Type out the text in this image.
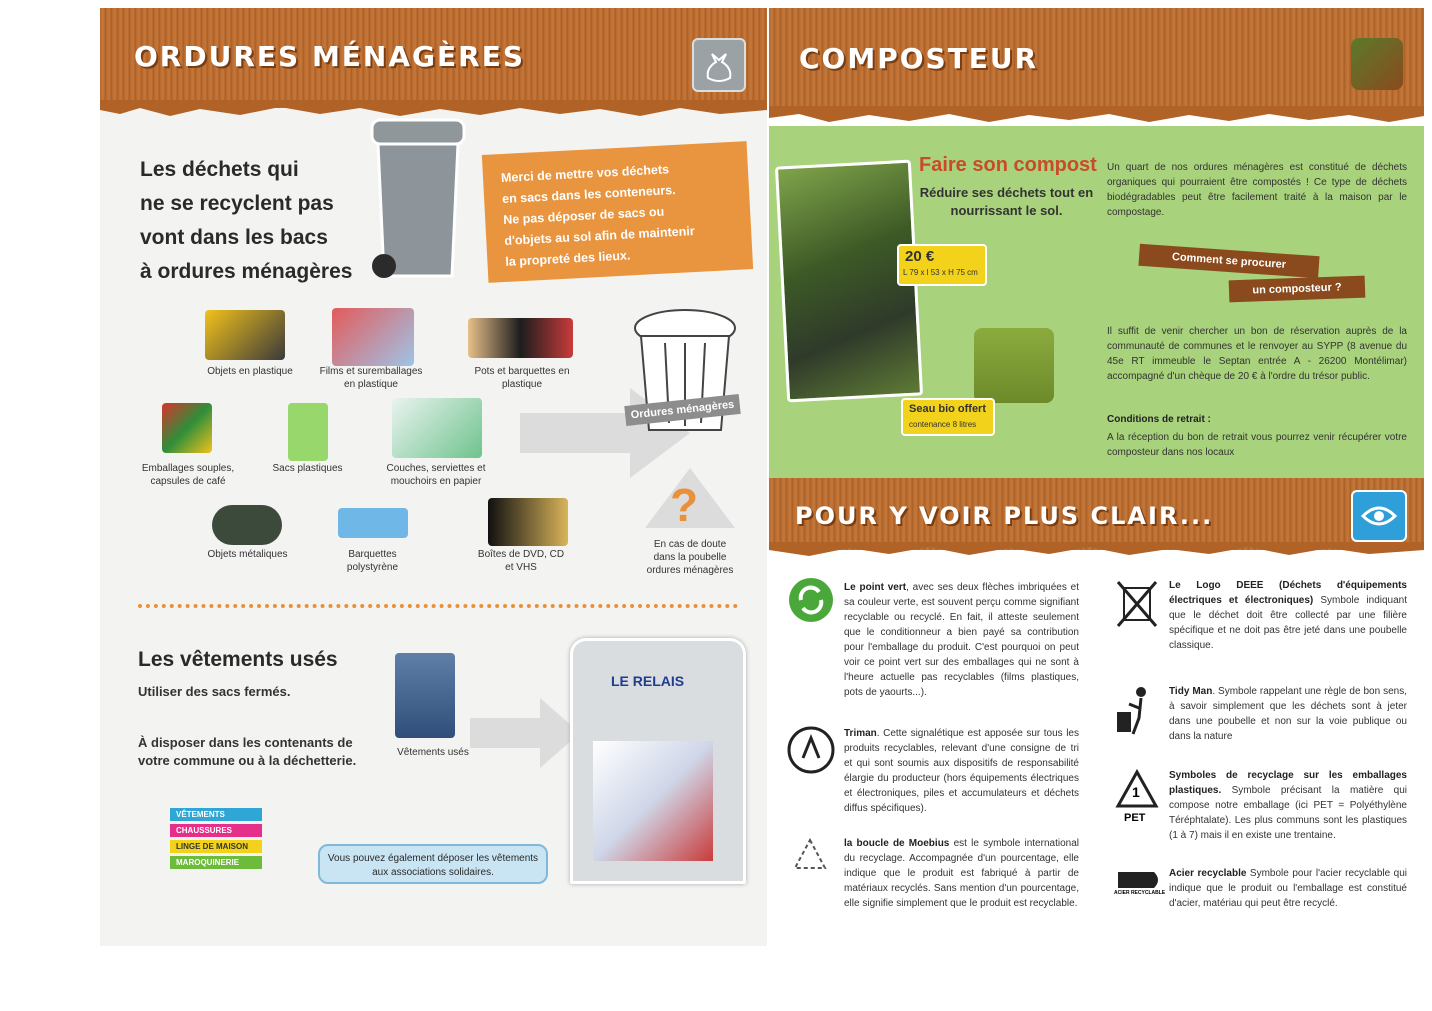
ORDURES MÉNAGÈRES
Les déchets qui
ne se recyclent pas
vont dans les bacs
à ordures ménagères
Merci de mettre vos déchets
en sacs dans les conteneurs.
Ne pas déposer de sacs ou
d'objets au sol afin de maintenir
la propreté des lieux.
Objets en plastique	Films et suremballages en plastique
Pots et barquettes en plastique
Emballages souples, capsules de café
Sacs plastiques	Couches, serviettes et mouchoirs en papier
Objets métaliques	Barquettes polystyrène
Boîtes de DVD, CD et VHS
Ordures ménagères
?
En cas de doute dans la poubelle ordures ménagères
Les vêtements usés
Utiliser des sacs fermés.
À disposer dans les contenants de votre commune ou à la déchetterie.
Vêtements usés
LE RELAIS
VÊTEMENTS
CHAUSSURES
LINGE DE MAISON
MAROQUINERIE	Vous pouvez également déposer les vêtements aux associations solidaires.
COMPOSTEUR
Faire son compost
Réduire ses déchets tout en nourrissant le sol.
Un quart de nos ordures ménagères est constitué de déchets organiques qui pourraient être compostés ! Ce type de déchets biodégradables peut être facilement traité à la maison par le compostage.
20 €
L 79 x l 53 x H 75 cm
Comment se procurer
un composteur ?
Il suffit de venir chercher un bon de réservation auprès de la communauté de communes et le renvoyer au SYPP (8 avenue du 45e RT immeuble le Septan entrée A - 26200 Montélimar) accompagné d'un chèque de 20 € à l'ordre du trésor public.
Conditions de retrait :
A la réception du bon de retrait vous pourrez venir récupérer votre composteur dans nos locaux
Seau bio offert
contenance 8 litres
POUR Y VOIR PLUS CLAIR...
Le point vert, avec ses deux flèches imbriquées et sa couleur verte, est souvent perçu comme signifiant recyclable ou recyclé. En fait, il atteste seulement que le conditionneur a bien payé sa contribution pour l'emballage du produit. C'est pourquoi on peut voir ce point vert sur des emballages qui ne sont à l'heure actuelle pas recyclables (films plastiques, pots de yaourts...).
Triman. Cette signalétique est apposée sur tous les produits recyclables, relevant d'une consigne de tri et qui sont soumis aux dispositifs de responsabilité élargie du producteur (hors équipements électriques et électroniques, piles et accumulateurs et déchets diffus spécifiques).
la boucle de Moebius est le symbole international du recyclage. Accompagnée d'un pourcentage, elle indique que le produit est fabriqué à partir de matériaux recyclés. Sans mention d'un pourcentage, elle signifie simplement que le produit est recyclable.
Le Logo DEEE (Déchets d'équipements électriques et électroniques) Symbole indiquant que le déchet doit être collecté par une filière spécifique et ne doit pas être jeté dans une poubelle classique.
Tidy Man. Symbole rappelant une règle de bon sens, à savoir simplement que les déchets sont à jeter dans une poubelle et non sur la voie publique ou dans la nature
1
PET
Symboles de recyclage sur les emballages plastiques. Symbole précisant la matière qui compose notre emballage (ici PET = Polyéthylène Téréphtalate). Les plus communs sont les plastiques (1 à 7) mais il en existe une trentaine.
ACIER RECYCLABLE
Acier recyclable Symbole pour l'acier recyclable qui indique que le produit ou l'emballage est constitué d'acier, matériau qui peut être recyclé.
